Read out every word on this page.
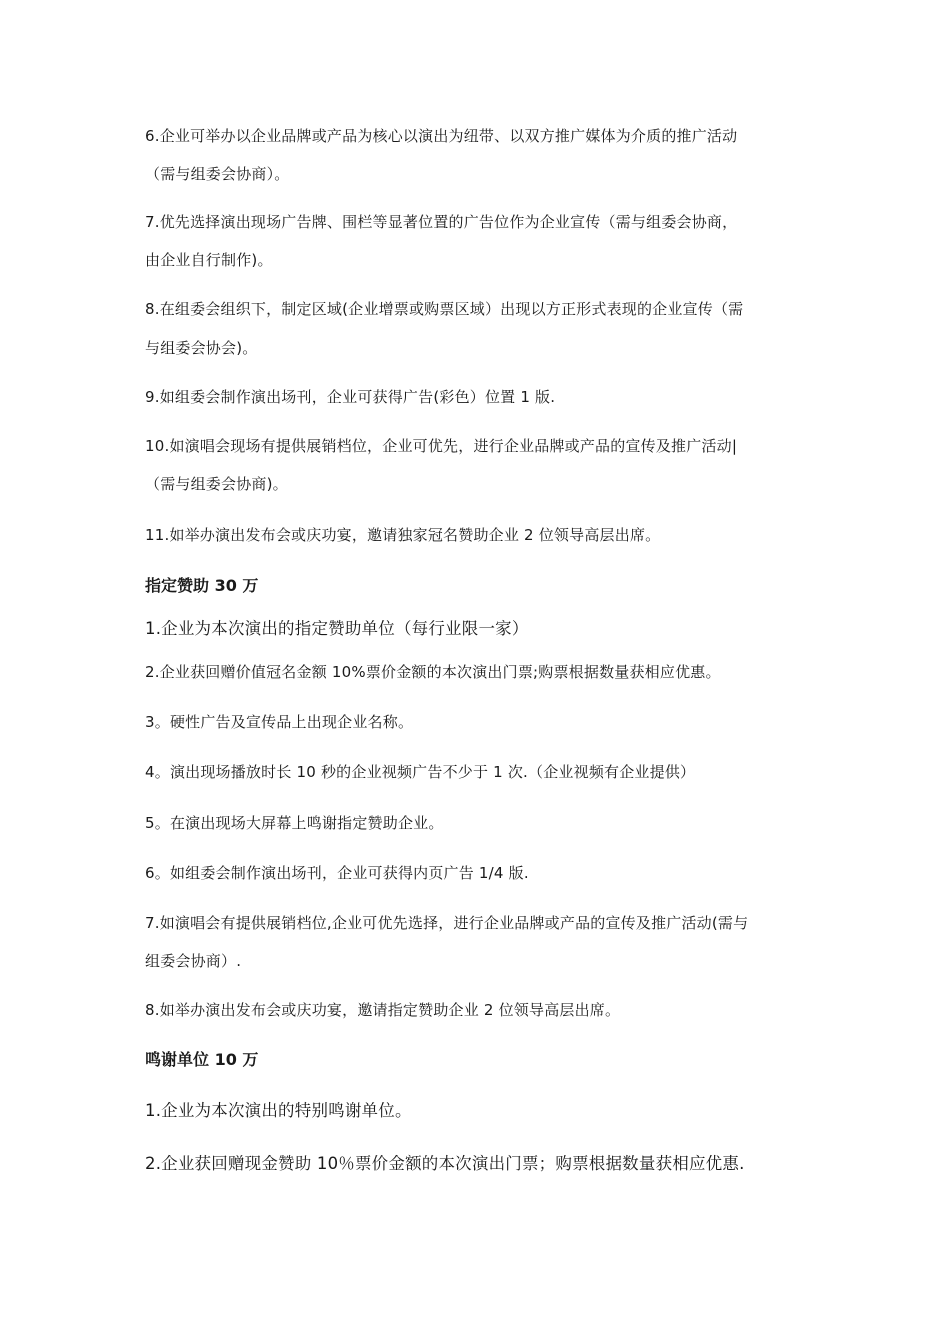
6.企业可举办以企业品牌或产品为核心以演出为纽带、以双方推广媒体为介质的推广活动
（需与组委会协商）。
7.优先选择演出现场广告牌、围栏等显著位置的广告位作为企业宣传（需与组委会协商，
由企业自行制作)。
8.在组委会组织下，制定区域(企业增票或购票区域）出现以方正形式表现的企业宣传（需
与组委会协会)。
9.如组委会制作演出场刊，企业可获得广告(彩色）位置 1 版.
10.如演唱会现场有提供展销档位，企业可优先，进行企业品牌或产品的宣传及推广活动|
（需与组委会协商)。
11.如举办演出发布会或庆功宴，邀请独家冠名赞助企业 2 位领导高层出席。
指定赞助 30 万
1.企业为本次演出的指定赞助单位（每行业限一家）
2.企业获回赠价值冠名金额 10%票价金额的本次演出门票;购票根据数量获相应优惠。
3。硬性广告及宣传品上出现企业名称。
4。演出现场播放时长 10 秒的企业视频广告不少于 1 次.（企业视频有企业提供）
5。在演出现场大屏幕上鸣谢指定赞助企业。
6。如组委会制作演出场刊，企业可获得内页广告 1/4 版.
7.如演唱会有提供展销档位,企业可优先选择，进行企业品牌或产品的宣传及推广活动(需与
组委会协商）.
8.如举办演出发布会或庆功宴，邀请指定赞助企业 2 位领导高层出席。
鸣谢单位 10 万
1.企业为本次演出的特别鸣谢单位。
2.企业获回赠现金赞助 10％票价金额的本次演出门票；购票根据数量获相应优惠.
